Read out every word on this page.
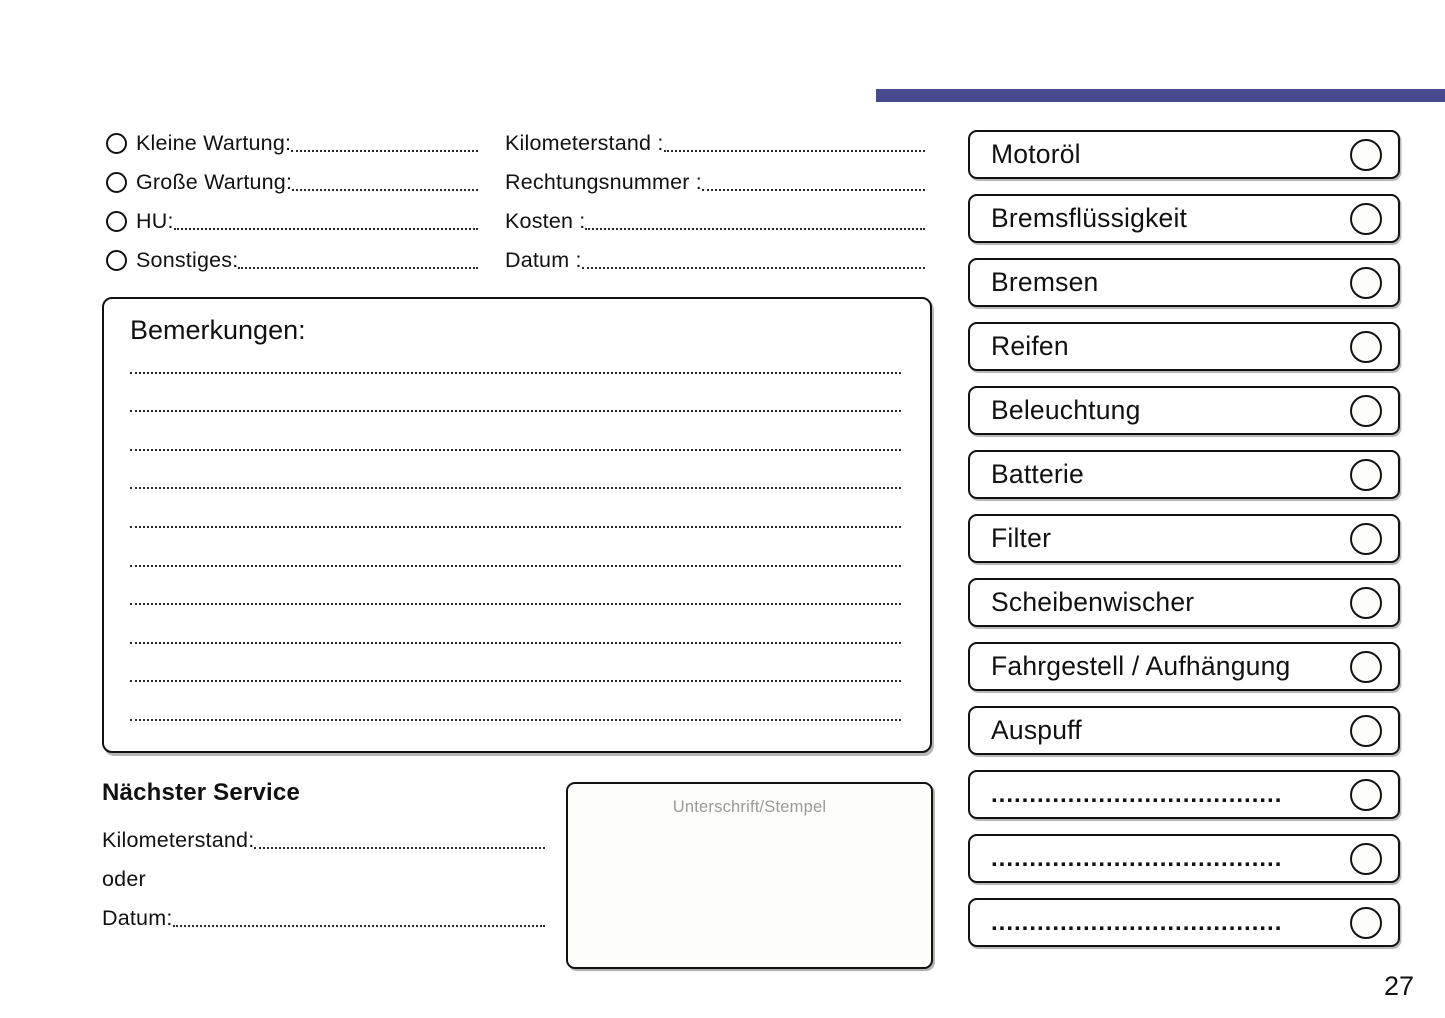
Kleine Wartung:
Große Wartung:
HU:
Sonstiges:
Kilometerstand :
Rechtungsnummer :
Kosten :
Datum :
Bemerkungen:
Nächster Service
Kilometerstand:
oder
Datum:
Unterschrift/Stempel
Motoröl
Bremsflüssigkeit
Bremsen
Reifen
Beleuchtung
Batterie
Filter
Scheibenwischer
Fahrgestell / Aufhängung
Auspuff
......................................
......................................
......................................
27
